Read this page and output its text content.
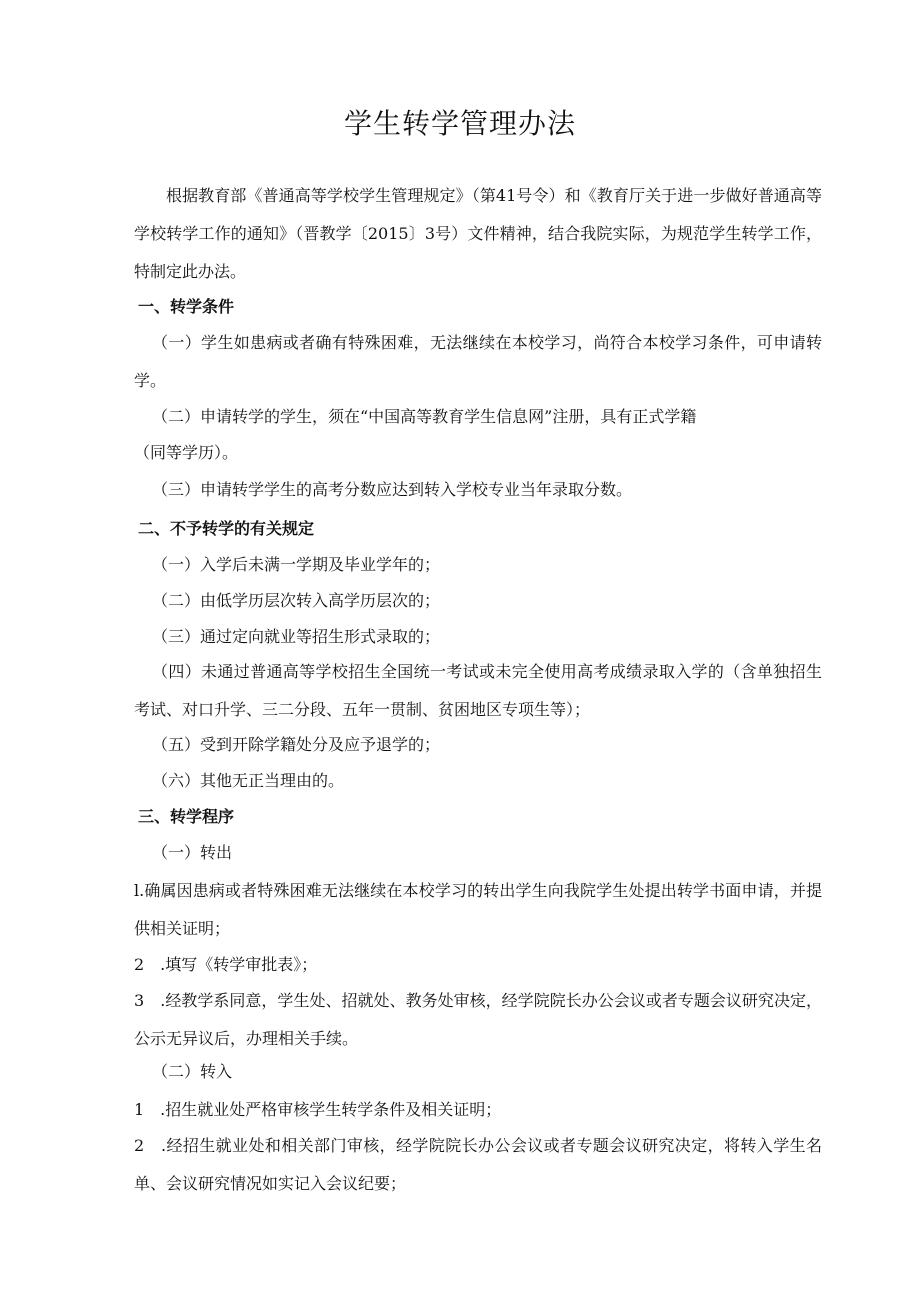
学生转学管理办法

根据教育部《普通高等学校学生管理规定》（第41号令）和《教育厅关于进一步做好普通高等学校转学工作的通知》（晋教学〔2015〕3号）文件精神，结合我院实际，为规范学生转学工作，特制定此办法。

一、转学条件

（一）学生如患病或者确有特殊困难，无法继续在本校学习，尚符合本校学习条件，可申请转学。

（二）申请转学的学生，须在“中国高等教育学生信息网”注册，具有正式学籍

（同等学历）。

（三）申请转学学生的高考分数应达到转入学校专业当年录取分数。

二、不予转学的有关规定

（一）入学后未满一学期及毕业学年的；

（二）由低学历层次转入高学历层次的；

（三）通过定向就业等招生形式录取的；

（四）未通过普通高等学校招生全国统一考试或未完全使用高考成绩录取入学的（含单独招生考试、对口升学、三二分段、五年一贯制、贫困地区专项生等）；

（五）受到开除学籍处分及应予退学的；

（六）其他无正当理由的。

三、转学程序

（一）转出

l.确属因患病或者特殊困难无法继续在本校学习的转出学生向我院学生处提出转学书面申请，并提供相关证明；

2　.填写《转学审批表》；

3　.经教学系同意，学生处、招就处、教务处审核，经学院院长办公会议或者专题会议研究决定，公示无异议后，办理相关手续。

（二）转入

1　.招生就业处严格审核学生转学条件及相关证明；

2　.经招生就业处和相关部门审核，经学院院长办公会议或者专题会议研究决定，将转入学生名单、会议研究情况如实记入会议纪要；
